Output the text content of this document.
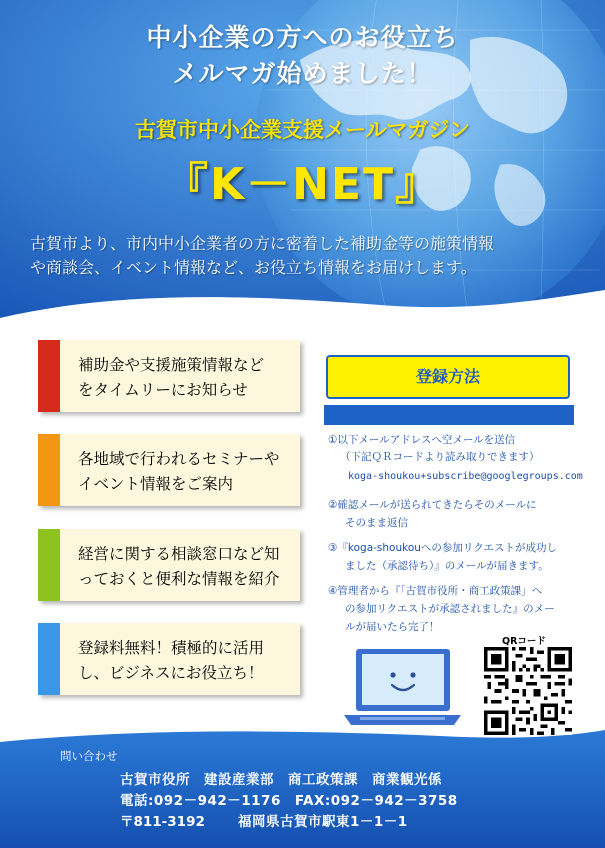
中小企業の方へのお役立ち
メルマガ始めました！
古賀市中小企業支援メールマガジン
『K－NET』
古賀市より、市内中小企業者の方に密着した補助金等の施策情報
や商談会、イベント情報など、お役立ち情報をお届けします。
補助金や支援施策情報など
をタイムリーにお知らせ
各地域で行われるセミナーや
イベント情報をご案内
経営に関する相談窓口など知
っておくと便利な情報を紹介
登録料無料！積極的に活用
し、ビジネスにお役立ち！
登録方法
①以下メールアドレスへ空メールを送信
（下記ＱＲコードより読み取りできます）
koga-shoukou+subscribe@googlegroups.com
②確認メールが送られてきたらそのメールに
そのまま返信
③『koga-shoukouへの参加リクエストが成功し
ました（承認待ち）』のメールが届きます。
④管理者から『「古賀市役所・商工政策課」へ
の参加リクエストが承認されました』のメー
ルが届いたら完了！
QRコード
問い合わせ
古賀市役所　建設産業部　商工政策課　商業観光係
電話:092－942－1176　FAX:092－942－3758
〒811-3192 福岡県古賀市駅東1－1－1
